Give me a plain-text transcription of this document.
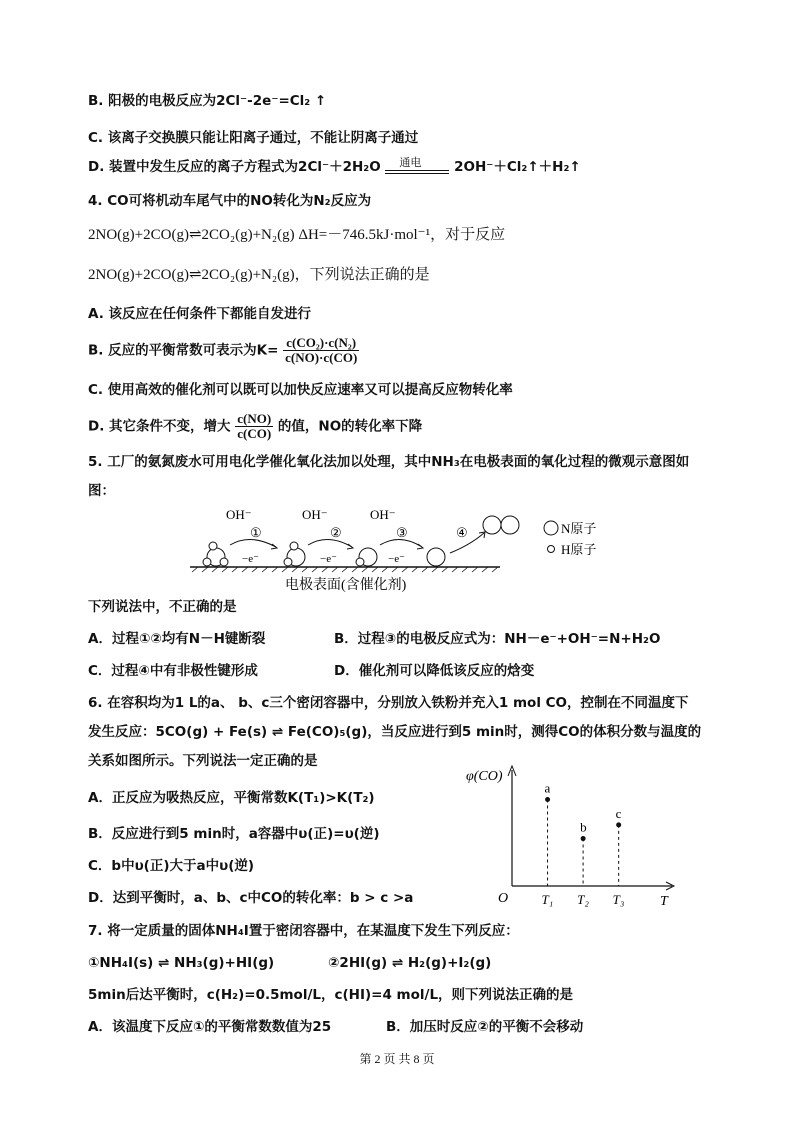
B. 阳极的电极反应为2Cl⁻-2e⁻=Cl₂ ↑
C. 该离子交换膜只能让阳离子通过，不能让阴离子通过
D. 装置中发生反应的离子方程式为2Cl⁻＋2H₂O 通电 2OH⁻＋Cl₂↑＋H₂↑
4. CO可将机动车尾气中的NO转化为N₂反应为
2NO(g)+2CO(g)⇌2CO₂(g)+N₂(g) ΔH=－746.5kJ·mol⁻¹，对于反应
2NO(g)+2CO(g)⇌2CO₂(g)+N₂(g)，下列说法正确的是
A. 该反应在任何条件下都能自发进行
B. 反应的平衡常数可表示为$K= \frac{\text{c(CO₂)·c(N₂)}}{c(NO)\cdot c(CO)}$
C. 使用高效的催化剂可以既可以加快反应速率又可以提高反应物转化率
D. 其它条件不变，增大 $\frac{c(NO)}{c(CO)}$ 的值，NO的转化率下降
5. 工厂的氨氮废水可用电化学催化氧化法加以处理，其中NH₃在电极表面的氧化过程的微观示意图如
图：
OH⁻	OH⁻	OH⁻
①	②	③	④
−e⁻	−e⁻	−e⁻
N原子
H原子
电极表面(含催化剂)
下列说法中，不正确的是
A．过程①②均有N－H键断裂	B．过程③的电极反应式为：NH－e⁻+OH⁻=N+H₂O
C．过程④中有非极性键形成	D．催化剂可以降低该反应的焓变
6. 在容积均为1 L的a、 b、c三个密闭容器中，分别放入铁粉并充入1 mol CO，控制在不同温度下
发生反应：5CO(g) + Fe(s) ⇌ Fe(CO)₅(g)，当反应进行到5 min时，测得CO的体积分数与温度的
关系如图所示。下列说法一定正确的是
A．正反应为吸热反应，平衡常数K(T₁)>K(T₂)
B．反应进行到5 min时，a容器中υ(正)=υ(逆)
C．b中υ(正)大于a中υ(逆)
D．达到平衡时，a、b、c中CO的转化率：b > c >a
φ(CO)
T
O	T₁ T₂ T₃
a
b
c
7. 将一定质量的固体NH₄I置于密闭容器中，在某温度下发生下列反应：
①NH₄I(s) ⇌ NH₃(g)+HI(g)	②2HI(g) ⇌ H₂(g)+I₂(g)
5min后达平衡时，c(H₂)=0.5mol/L，c(HI)=4 mol/L，则下列说法正确的是
A．该温度下反应①的平衡常数数值为25	B．加压时反应②的平衡不会移动
第 2 页 共 8 页
